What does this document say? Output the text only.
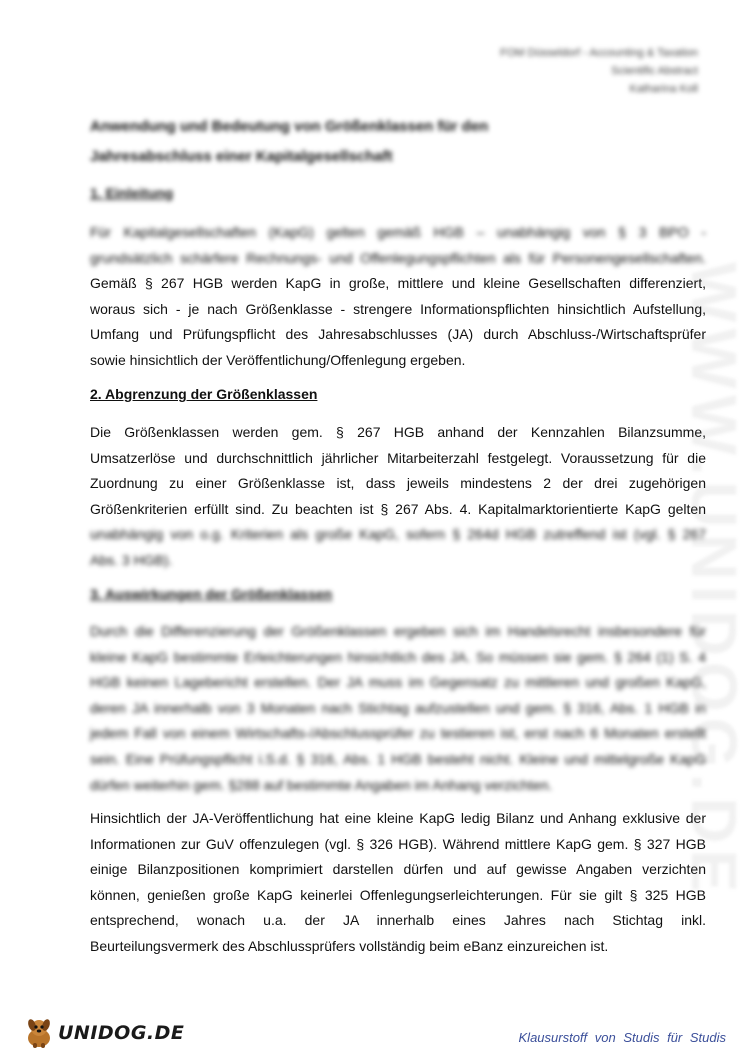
FOM Düsseldorf - Accounting & Taxation
Scientific Abstract
Katharina Koll
Anwendung und Bedeutung von Größenklassen für den
Jahresabschluss einer Kapitalgesellschaft
1. Einleitung
Für Kapitalgesellschaften (KapG) gelten gemäß HGB – unabhängig von § 3 BPO -
grundsätzlich schärfere Rechnungs- und Offenlegungspflichten als für Personengesellschaften.
Gemäß § 267 HGB werden KapG in große, mittlere und kleine Gesellschaften differenziert,
woraus sich - je nach Größenklasse - strengere Informationspflichten hinsichtlich Aufstellung,
Umfang und Prüfungspflicht des Jahresabschlusses (JA) durch Abschluss-/Wirtschaftsprüfer
sowie hinsichtlich der Veröffentlichung/Offenlegung ergeben.
2. Abgrenzung der Größenklassen
Die Größenklassen werden gem. § 267 HGB anhand der Kennzahlen Bilanzsumme,
Umsatzerlöse und durchschnittlich jährlicher Mitarbeiterzahl festgelegt. Voraussetzung für die
Zuordnung zu einer Größenklasse ist, dass jeweils mindestens 2 der drei zugehörigen
Größenkriterien erfüllt sind. Zu beachten ist § 267 Abs. 4. Kapitalmarktorientierte KapG gelten
unabhängig von o.g. Kriterien als große KapG, sofern § 264d HGB zutreffend ist (vgl. § 267
Abs. 3 HGB).
3. Auswirkungen der Größenklassen
Durch die Differenzierung der Größenklassen ergeben sich im Handelsrecht insbesondere für
kleine KapG bestimmte Erleichterungen hinsichtlich des JA. So müssen sie gem. § 264 (1) S. 4
HGB keinen Lagebericht erstellen. Der JA muss im Gegensatz zu mittleren und großen KapG,
deren JA innerhalb von 3 Monaten nach Stichtag aufzustellen und gem. § 316, Abs. 1 HGB in
jedem Fall von einem Wirtschafts-/Abschlussprüfer zu testieren ist, erst nach 6 Monaten erstellt
sein. Eine Prüfungspflicht i.S.d. § 316, Abs. 1 HGB besteht nicht. Kleine und mittelgroße KapG
dürfen weiterhin gem. §288 auf bestimmte Angaben im Anhang verzichten.
Hinsichtlich der JA-Veröffentlichung hat eine kleine KapG ledig Bilanz und Anhang exklusive der
Informationen zur GuV offenzulegen (vgl. § 326 HGB). Während mittlere KapG gem. § 327 HGB
einige Bilanzpositionen komprimiert darstellen dürfen und auf gewisse Angaben verzichten
können, genießen große KapG keinerlei Offenlegungserleichterungen. Für sie gilt § 325 HGB
entsprechend, wonach u.a. der JA innerhalb eines Jahres nach Stichtag inkl.
Beurteilungsvermerk des Abschlussprüfers vollständig beim eBanz einzureichen ist.
WWW.UNIDOG.DE
UNIDOG.DE	Klausurstoff von Studis für Studis
